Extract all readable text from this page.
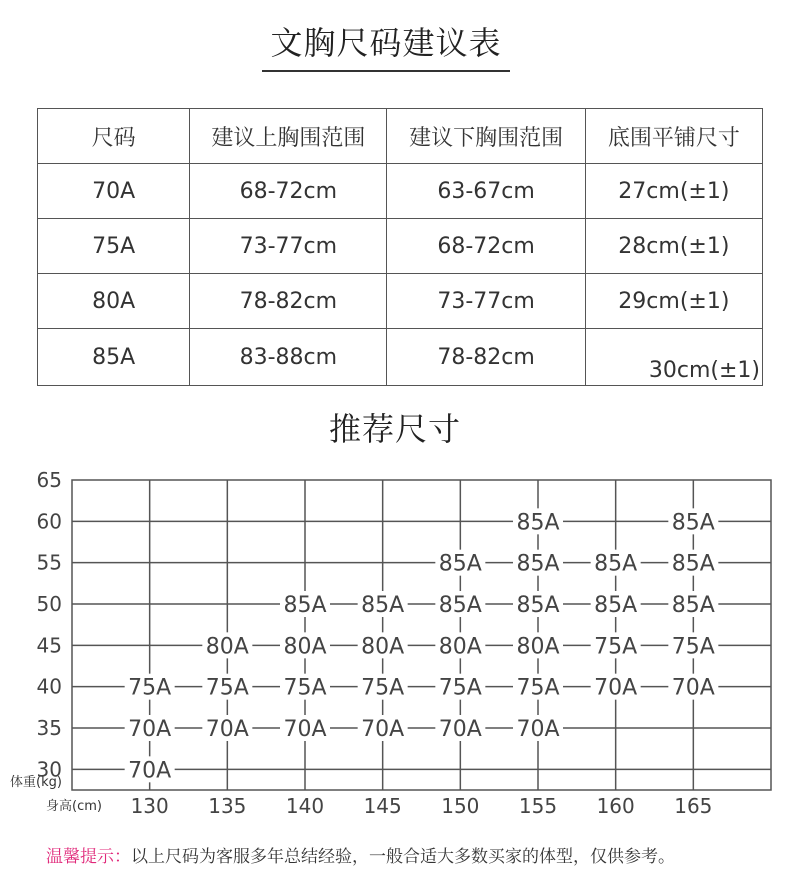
文胸尺码建议表
尺码	建议上胸围范围	建议下胸围范围	底围平铺尺寸
70A	68-72cm	63-67cm	27cm(±1)
75A	73-77cm	68-72cm	28cm(±1)
80A	78-82cm	73-77cm	29cm(±1)
85A	83-88cm	78-82cm	30cm(±1)
推荐尺寸
30
35
40
45
50
55
60
65
130 135 140 145 150 155 160 165
70A
70A 70A 70A 70A 70A 70A
75A 75A 75A 75A 75A 75A 70A 70A
80A 80A 80A 80A 80A 75A 75A
85A 85A 85A 85A 85A 85A
85A 85A 85A 85A
85A	85A
体重(kg)
身高(cm)
温馨提示：以上尺码为客服多年总结经验，一般合适大多数买家的体型，仅供参考。
